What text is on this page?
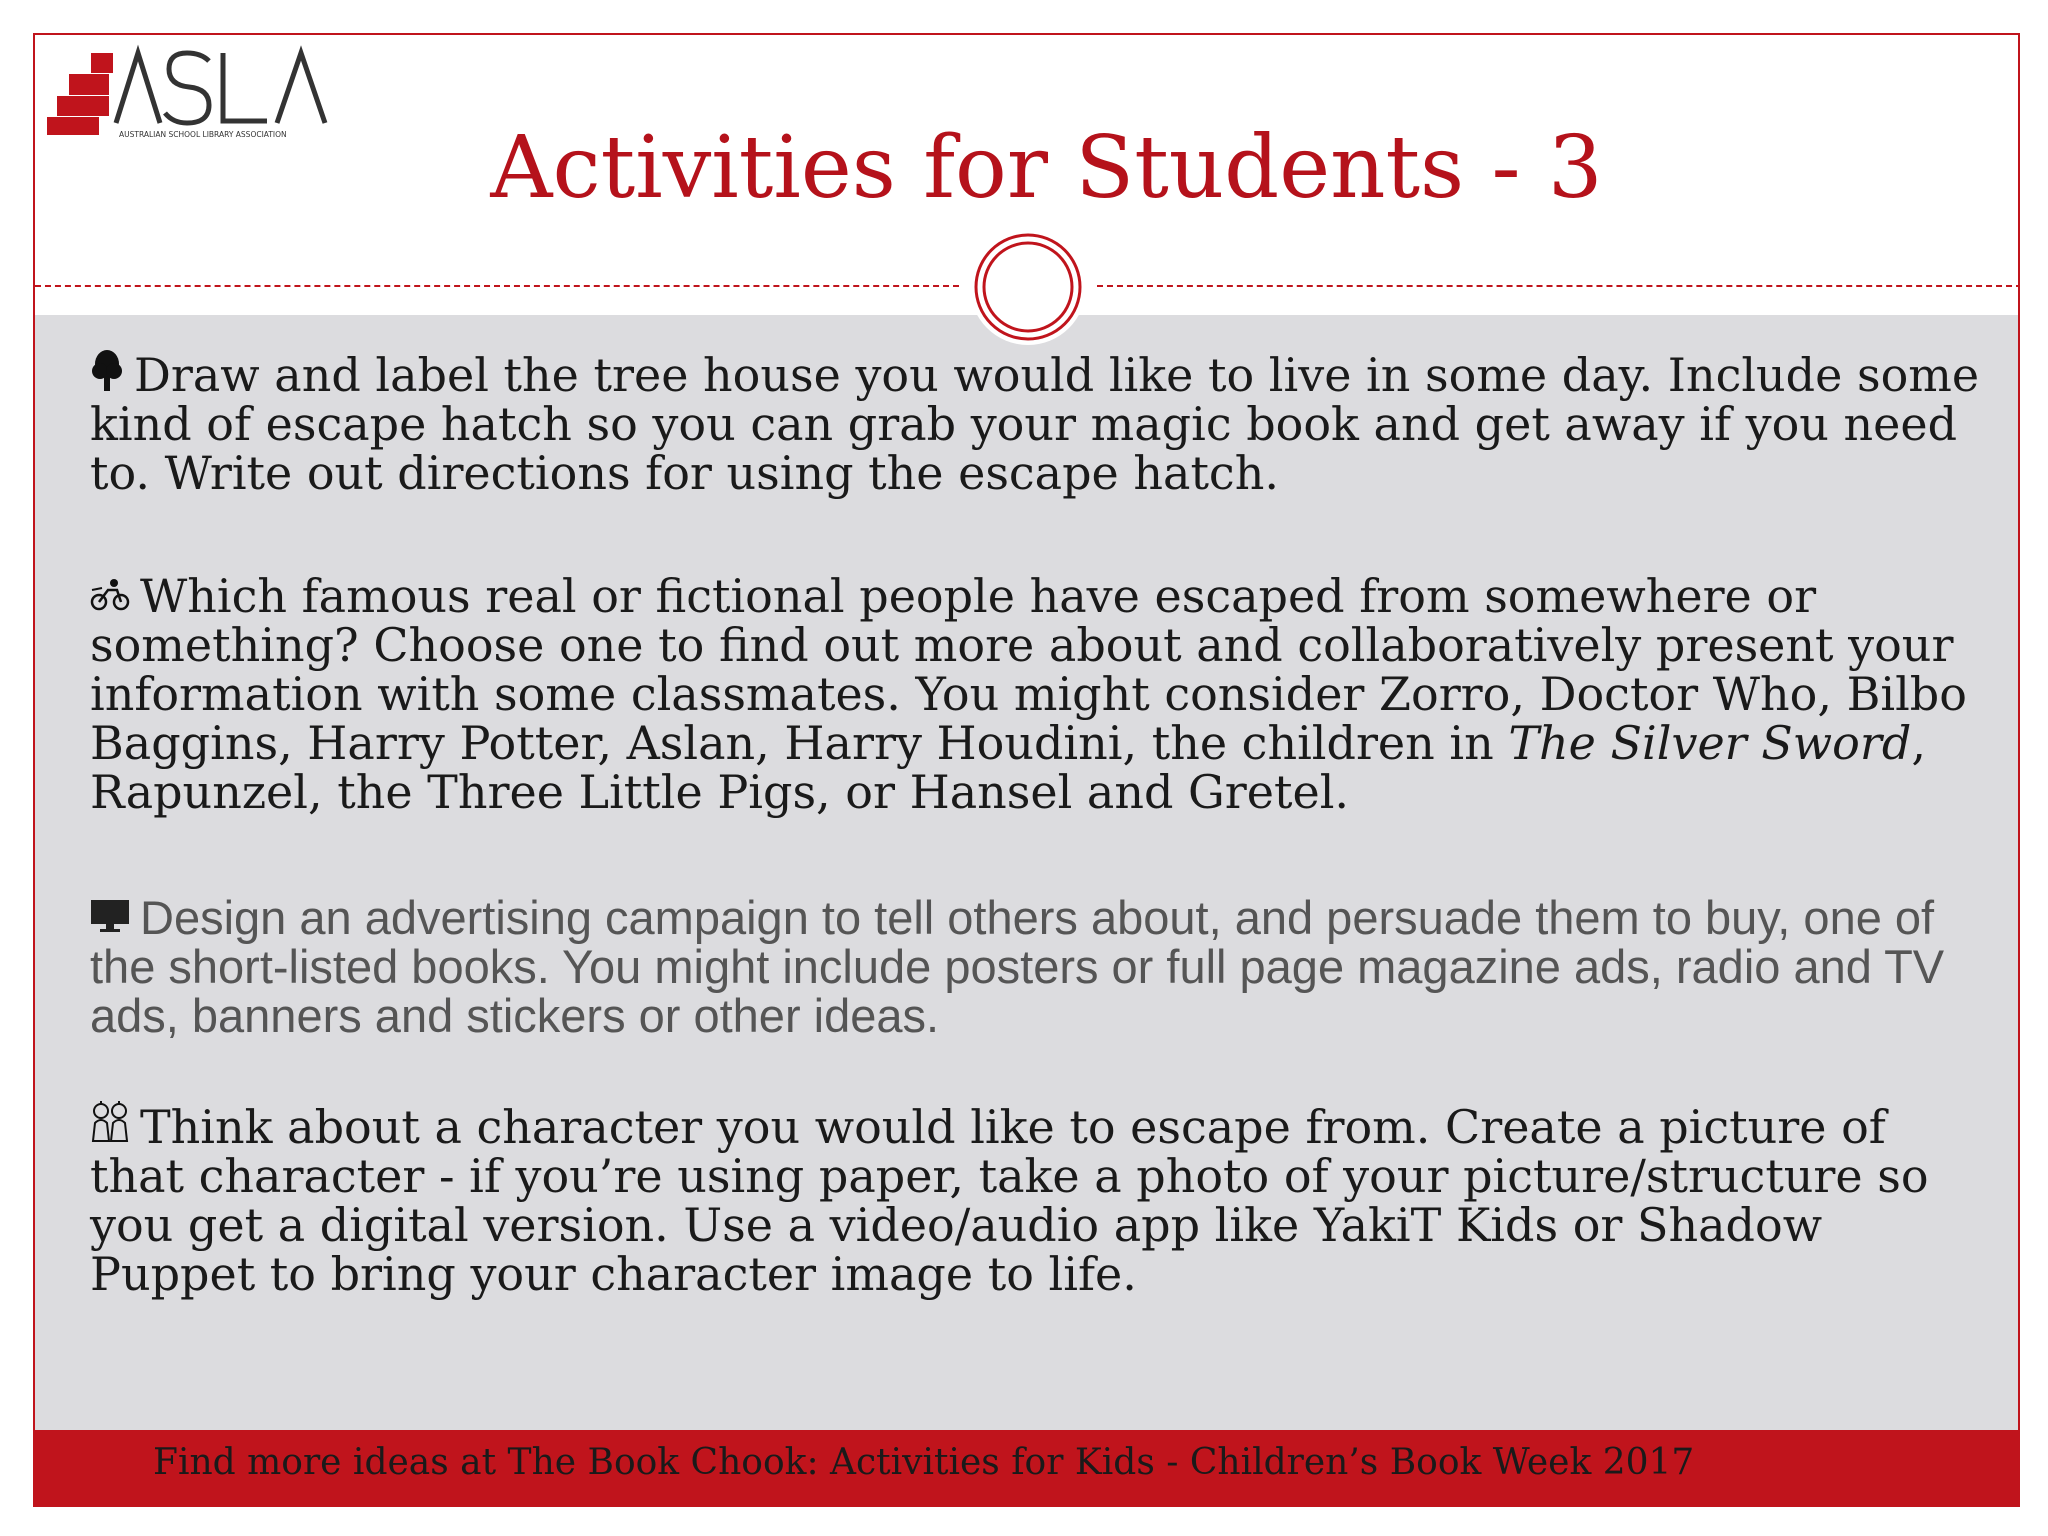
AUSTRALIAN SCHOOL LIBRARY ASSOCIATION	Activities for Students - 3
Draw and label the tree house you would like to live in some day. Include some kind of escape hatch so you can grab your magic book and get away if you need to. Write out directions for using the escape hatch.
Which famous real or fictional people have escaped from somewhere or something? Choose one to find out more about and collaboratively present your information with some classmates. You might consider Zorro, Doctor Who, Bilbo Baggins, Harry Potter, Aslan, Harry Houdini, the children in The Silver Sword, Rapunzel, the Three Little Pigs, or Hansel and Gretel.
Design an advertising campaign to tell others about, and persuade them to buy, one of the short-listed books. You might include posters or full page magazine ads, radio and TV ads, banners and stickers or other ideas.
Think about a character you would like to escape from. Create a picture of that character - if you’re using paper, take a photo of your picture/structure so you get a digital version. Use a video/audio app like YakiT Kids or Shadow Puppet to bring your character image to life.
Find more ideas at The Book Chook: Activities for Kids - Children’s Book Week 2017
